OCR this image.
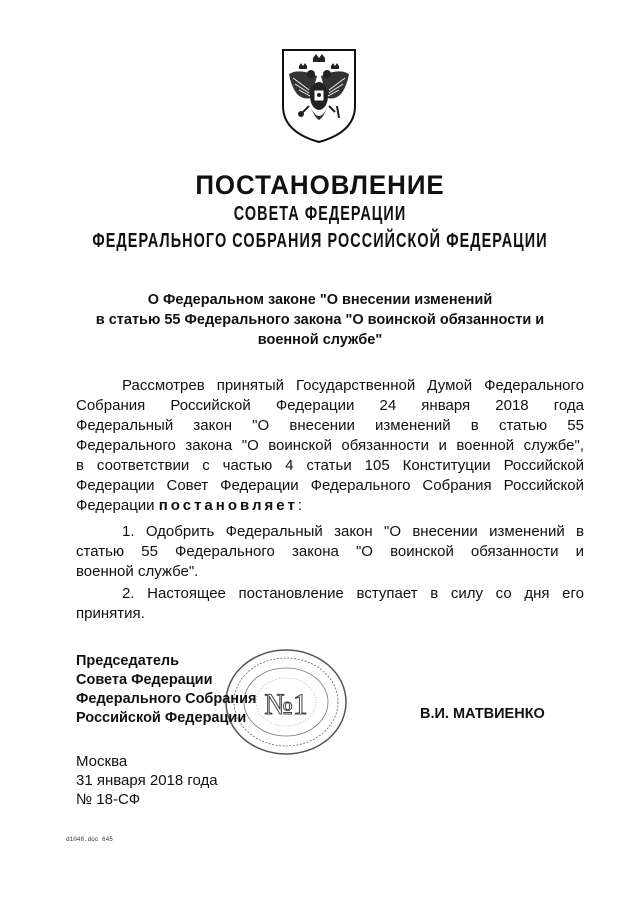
ПОСТАНОВЛЕНИЕ
СОВЕТА ФЕДЕРАЦИИ
ФЕДЕРАЛЬНОГО СОБРАНИЯ РОССИЙСКОЙ ФЕДЕРАЦИИ
О Федеральном законе "О внесении изменений
в статью 55 Федерального закона "О воинской обязанности и
военной службе"
Рассмотрев принятый Государственной Думой Федерального
Собрания Российской Федерации 24 января 2018 года
Федеральный закон "О внесении изменений в статью 55
Федерального закона "О воинской обязанности и военной службе",
в соответствии с частью 4 статьи 105 Конституции Российской
Федерации Совет Федерации Федерального Собрания Российской
Федерации постановляет:
1. Одобрить Федеральный закон "О внесении изменений в
статью 55 Федерального закона "О воинской обязанности и
военной службе".
2. Настоящее постановление вступает в силу со дня его
принятия.
№1
Председатель
Совета Федерации
Федерального Собрания
Российской Федерации	В.И. МАТВИЕНКО
Москва
31 января 2018 года
№ 18-СФ
d1048.doc 645
